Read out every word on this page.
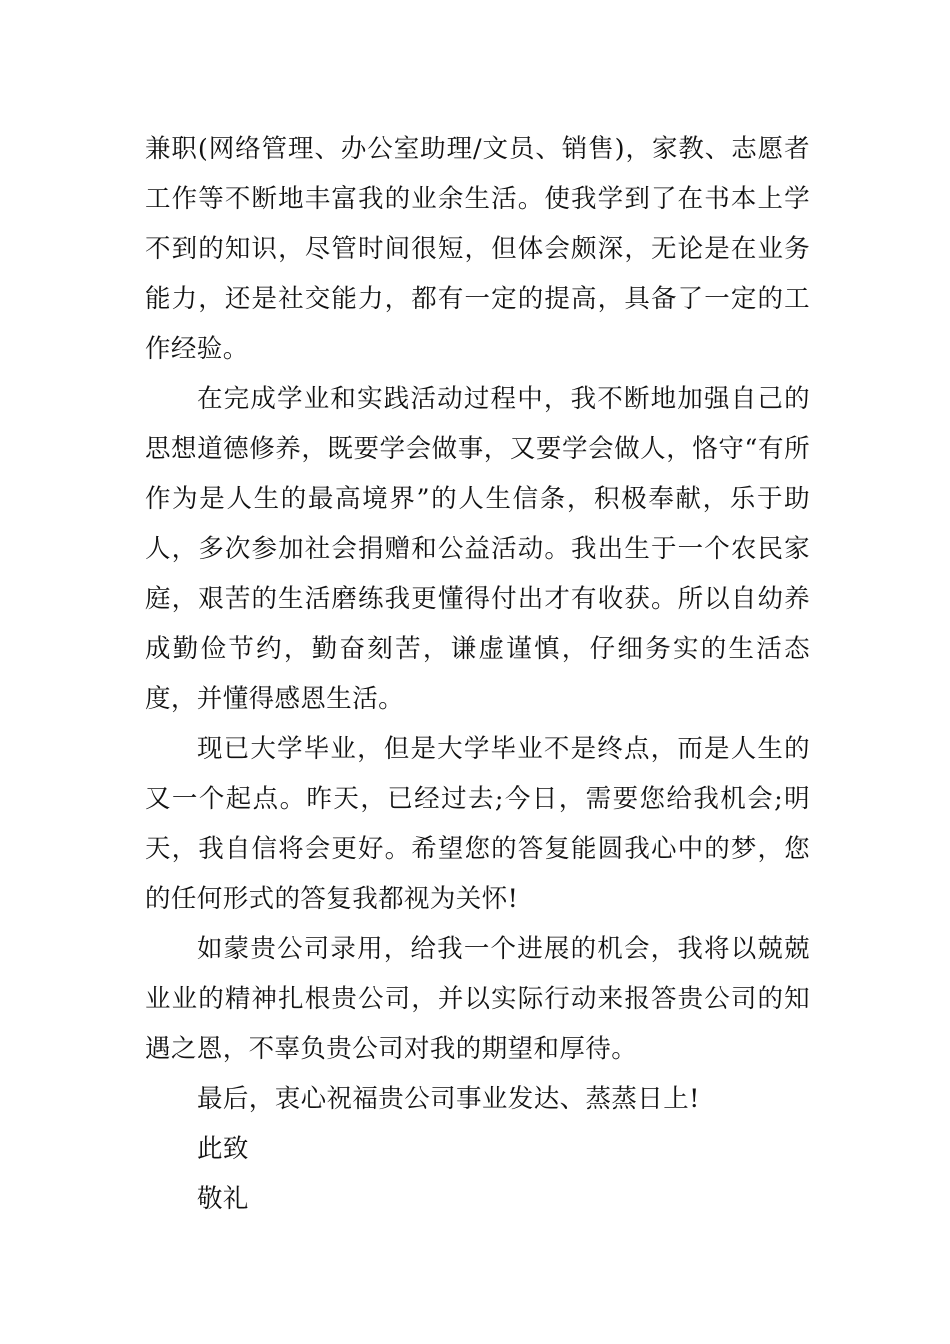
兼职(网络管理、办公室助理/文员、销售)，家教、志愿者工作等不断地丰富我的业余生活。使我学到了在书本上学不到的知识，尽管时间很短，但体会颇深，无论是在业务能力，还是社交能力，都有一定的提高，具备了一定的工作经验。

在完成学业和实践活动过程中，我不断地加强自己的思想道德修养，既要学会做事，又要学会做人，恪守“有所作为是人生的最高境界”的人生信条，积极奉献，乐于助人，多次参加社会捐赠和公益活动。我出生于一个农民家庭，艰苦的生活磨练我更懂得付出才有收获。所以自幼养成勤俭节约，勤奋刻苦，谦虚谨慎，仔细务实的生活态度，并懂得感恩生活。

现已大学毕业，但是大学毕业不是终点，而是人生的又一个起点。昨天，已经过去;今日，需要您给我机会;明天，我自信将会更好。希望您的答复能圆我心中的梦，您的任何形式的答复我都视为关怀!

如蒙贵公司录用，给我一个进展的机会，我将以兢兢业业的精神扎根贵公司，并以实际行动来报答贵公司的知遇之恩，不辜负贵公司对我的期望和厚待。

最后，衷心祝福贵公司事业发达、蒸蒸日上!

此致

敬礼
